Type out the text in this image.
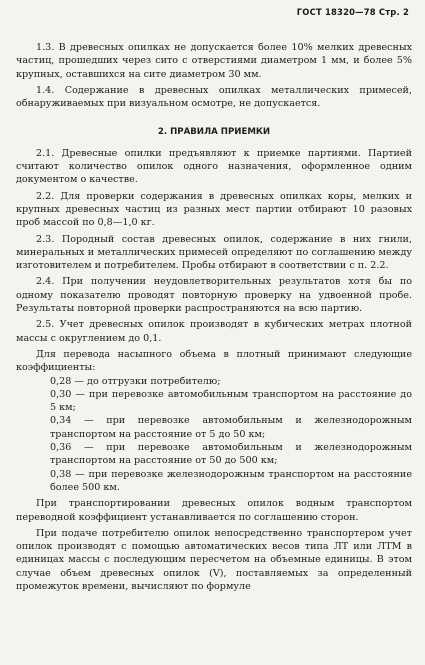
ГОСТ 18320—78 Стр. 2

1.3. В древесных опилках не допускается более 10% мелких древесных частиц, прошедших через сито с отверстиями диаметром 1 мм, и более 5% крупных, оставшихся на сите диаметром 30 мм.

1.4. Содержание в древесных опилках металлических примесей, обнаруживаемых при визуальном осмотре, не допускается.

2. ПРАВИЛА ПРИЕМКИ

2.1. Древесные опилки предъявляют к приемке партиями. Партией считают количество опилок одного назначения, оформленное одним документом о качестве.

2.2. Для проверки содержания в древесных опилках коры, мелких и крупных древесных частиц из разных мест партии отбирают 10 разовых проб массой по 0,8—1,0 кг.

2.3. Породный состав древесных опилок, содержание в них гнили, минеральных и металлических примесей определяют по соглашению между изготовителем и потребителем. Пробы отбирают в соответствии с п. 2.2.

2.4. При получении неудовлетворительных результатов хотя бы по одному показателю проводят повторную проверку на удвоенной пробе. Результаты повторной проверки распространяются на всю партию.

2.5. Учет древесных опилок производят в кубических метрах плотной массы с округлением до 0,1.

Для перевода насыпного объема в плотный принимают следующие коэффициенты:

0,28 — до отгрузки потребителю;

0,30 — при перевозке автомобильным транспортом на расстояние до 5 км;

0,34 — при перевозке автомобильным и железнодорожным транспортом на расстояние от 5 до 50 км;

0,36 — при перевозке автомобильным и железнодорожным транспортом на расстояние от 50 до 500 км;

0,38 — при перевозке железнодорожным транспортом на расстояние более 500 км.

При транспортировании древесных опилок водным транспортом переводной коэффициент устанавливается по соглашению сторон.

При подаче потребителю опилок непосредственно транспортером учет опилок производят с помощью автоматических весов типа ЛТ или ЛТМ в единицах массы с последующим пересчетом на объемные единицы. В этом случае объем древесных опилок (V), поставляемых за определенный промежуток времени, вычисляют по формуле
